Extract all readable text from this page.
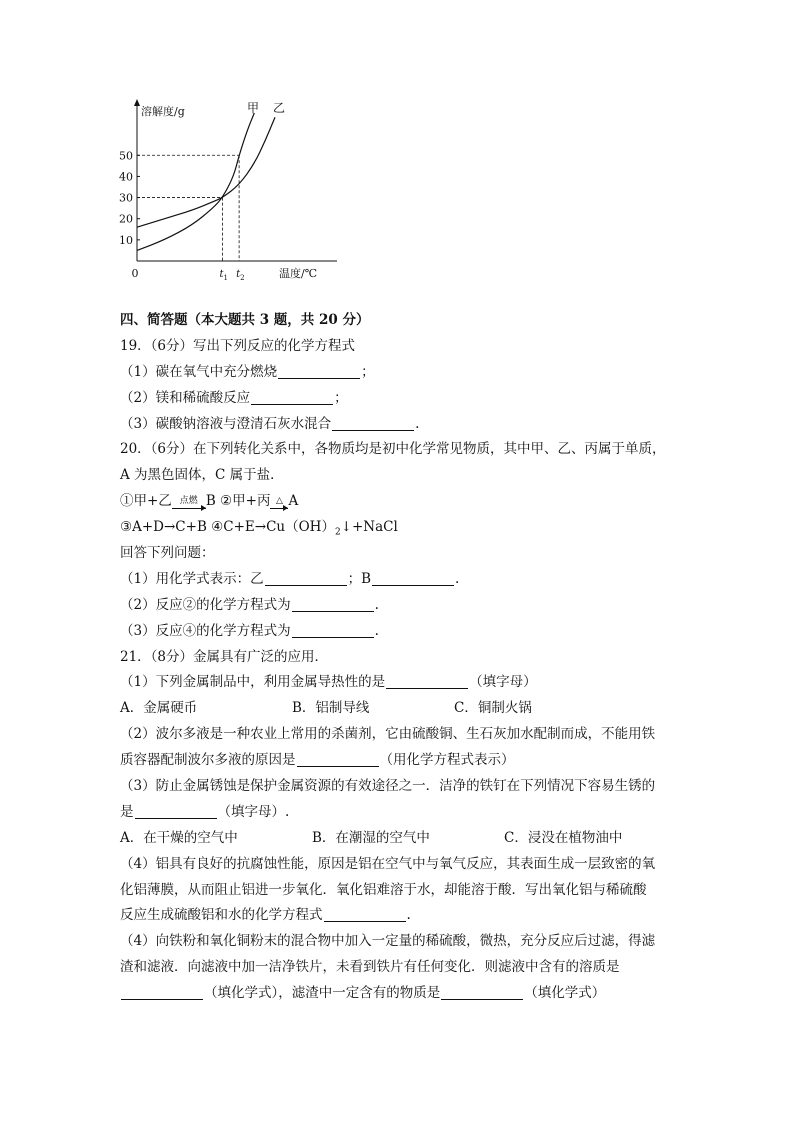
10
20
30
40
50
0
溶解度/g
温度/℃
t 1 t 2
甲 乙
四、简答题（本大题共 3 题，共 20 分）
19．（6分）写出下列反应的化学方程式
（1）碳在氧气中充分燃烧	；
（2）镁和稀硫酸反应	；
（3）碳酸钠溶液与澄清石灰水混合	.
20．（6分）在下列转化关系中，各物质均是初中化学常见物质，其中甲、乙、丙属于单质，
A 为黑色固体，C 属于盐．
①甲+乙 点燃 B ②甲+丙 △ A
③A+D→C+B $④C+E\to Cu(OH)_2↓+NaCl$
回答下列问题：
（1）用化学式表示：乙	；B	.
（2）反应②的化学方程式为	.
（3）反应④的化学方程式为	.
21．（8分）金属具有广泛的应用．
（1）下列金属制品中，利用金属导热性的是	（填字母）
A．金属硬币	B．铝制导线	C．铜制火锅
（2）波尔多液是一种农业上常用的杀菌剂，它由硫酸铜、生石灰加水配制而成，不能用铁
质容器配制波尔多液的原因是	（用化学方程式表示）
（3）防止金属锈蚀是保护金属资源的有效途径之一．洁净的铁钉在下列情况下容易生锈的
是	（填字母）.
A．在干燥的空气中	B．在潮湿的空气中	C．浸没在植物油中
（4）铝具有良好的抗腐蚀性能，原因是铝在空气中与氧气反应，其表面生成一层致密的氧
化铝薄膜，从而阻止铝进一步氧化．氧化铝难溶于水，却能溶于酸．写出氧化铝与稀硫酸
反应生成硫酸铝和水的化学方程式	.
（4）向铁粉和氧化铜粉末的混合物中加入一定量的稀硫酸，微热，充分反应后过滤，得滤
渣和滤液．向滤液中加一洁净铁片，未看到铁片有任何变化．则滤液中含有的溶质是
（填化学式），滤渣中一定含有的物质是	（填化学式）
